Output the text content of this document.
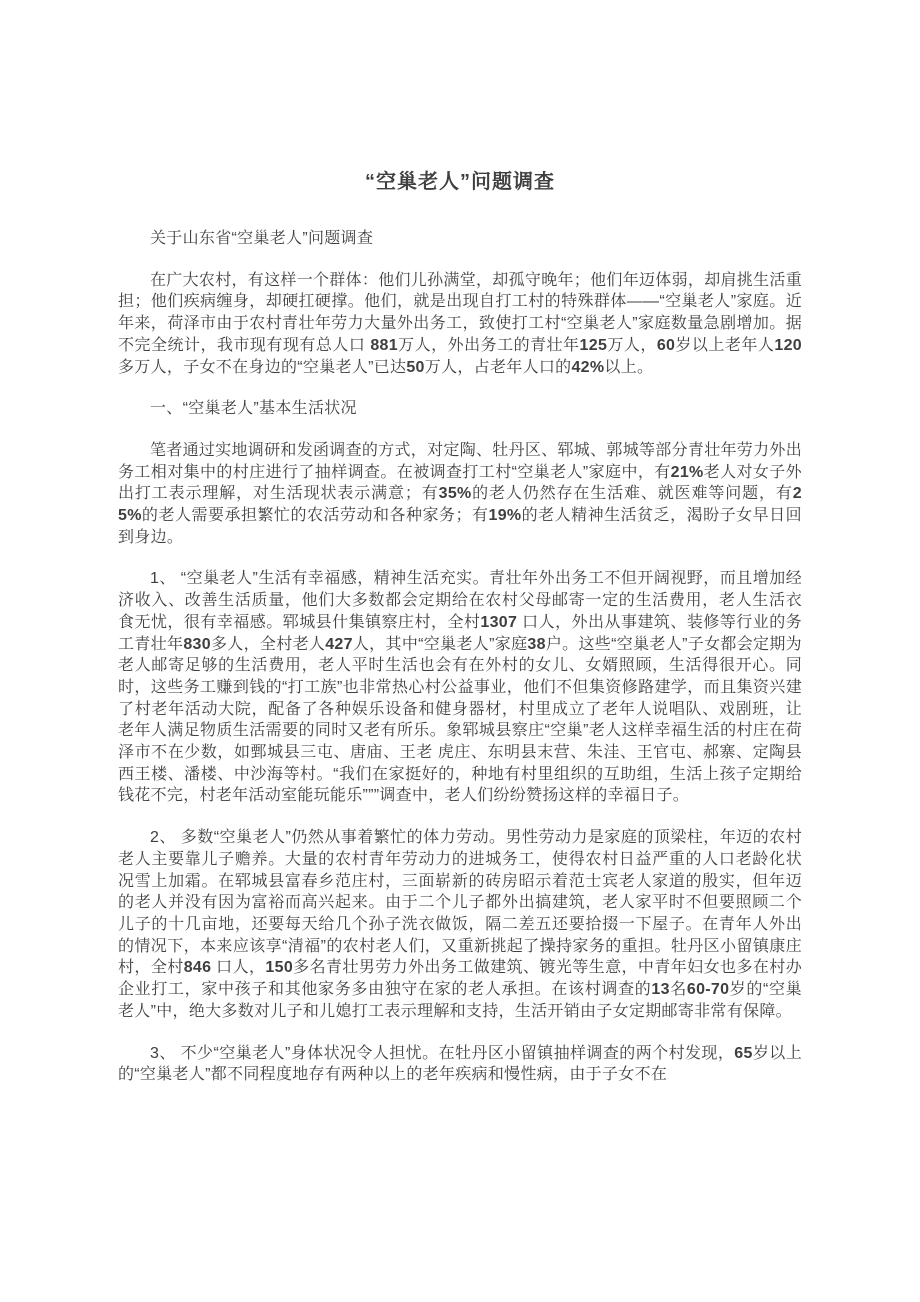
“空巢老人”问题调查

关于山东省“空巢老人”问题调查

在广大农村，有这样一个群体：他们儿孙满堂，却孤守晚年；他们年迈体弱，却肩挑生活重担；他们疾病缠身，却硬扛硬撑。他们，就是出现自打工村的特殊群体——“空巢老人”家庭。近年来，荷泽市由于农村青壮年劳力大量外出务工，致使打工村“空巢老人”家庭数量急剧增加。据不完全统计，我市现有现有总人口 881万人，外出务工的青壮年125万人，60岁以上老年人120多万人，子女不在身边的“空巢老人”已达50万人，占老年人口的42%以上。

一、“空巢老人”基本生活状况

笔者通过实地调研和发函调查的方式，对定陶、牡丹区、郓城、郭城等部分青壮年劳力外出务工相对集中的村庄进行了抽样调查。在被调查打工村“空巢老人”家庭中，有21%老人对女子外出打工表示理解，对生活现状表示满意；有35%的老人仍然存在生活难、就医难等问题，有25%的老人需要承担繁忙的农活劳动和各种家务；有19%的老人精神生活贫乏，渴盼子女早日回到身边。

1、 “空巢老人”生活有幸福感，精神生活充实。青壮年外出务工不但开阔视野，而且增加经济收入、改善生活质量，他们大多数都会定期给在农村父母邮寄一定的生活费用，老人生活衣食无忧，很有幸福感。郓城县什集镇察庄村，全村1307 口人，外出从事建筑、装修等行业的务工青壮年830多人，全村老人427人，其中“空巢老人”家庭38户。这些“空巢老人”子女都会定期为老人邮寄足够的生活费用，老人平时生活也会有在外村的女儿、女婿照顾，生活得很开心。同时，这些务工赚到钱的“打工族”也非常热心村公益事业，他们不但集资修路建学，而且集资兴建了村老年活动大院，配备了各种娱乐设备和健身器材，村里成立了老年人说唱队、戏剧班，让老年人满足物质生活需要的同时又老有所乐。象郓城县察庄“空巢”老人这样幸福生活的村庄在荷泽市不在少数，如鄄城县三屯、唐庙、王老 虎庄、东明县末营、朱洼、王官屯、郝寨、定陶县西王楼、潘楼、中沙海等村。“我们在家挺好的，种地有村里组织的互助组，生活上孩子定期给钱花不完，村老年活动室能玩能乐”””调查中，老人们纷纷赞扬这样的幸福日子。

2、 多数“空巢老人”仍然从事着繁忙的体力劳动。男性劳动力是家庭的顶梁柱，年迈的农村老人主要靠儿子赡养。大量的农村青年劳动力的进城务工，使得农村日益严重的人口老龄化状况雪上加霜。在郓城县富春乡范庄村，三面崭新的砖房昭示着范士宾老人家道的殷实，但年迈的老人并没有因为富裕而高兴起来。由于二个儿子都外出搞建筑，老人家平时不但要照顾二个儿子的十几亩地，还要每天给几个孙子洗衣做饭，隔二差五还要拾掇一下屋子。在青年人外出的情况下，本来应该享“清福”的农村老人们，又重新挑起了操持家务的重担。牡丹区小留镇康庄村，全村846 口人，150多名青壮男劳力外出务工做建筑、镀光等生意，中青年妇女也多在村办企业打工，家中孩子和其他家务多由独守在家的老人承担。在该村调查的13名60-70岁的“空巢老人”中，绝大多数对儿子和儿媳打工表示理解和支持，生活开销由子女定期邮寄非常有保障。

3、 不少“空巢老人”身体状况令人担忧。在牡丹区小留镇抽样调查的两个村发现，65岁以上的“空巢老人”都不同程度地存有两种以上的老年疾病和慢性病，由于子女不在
